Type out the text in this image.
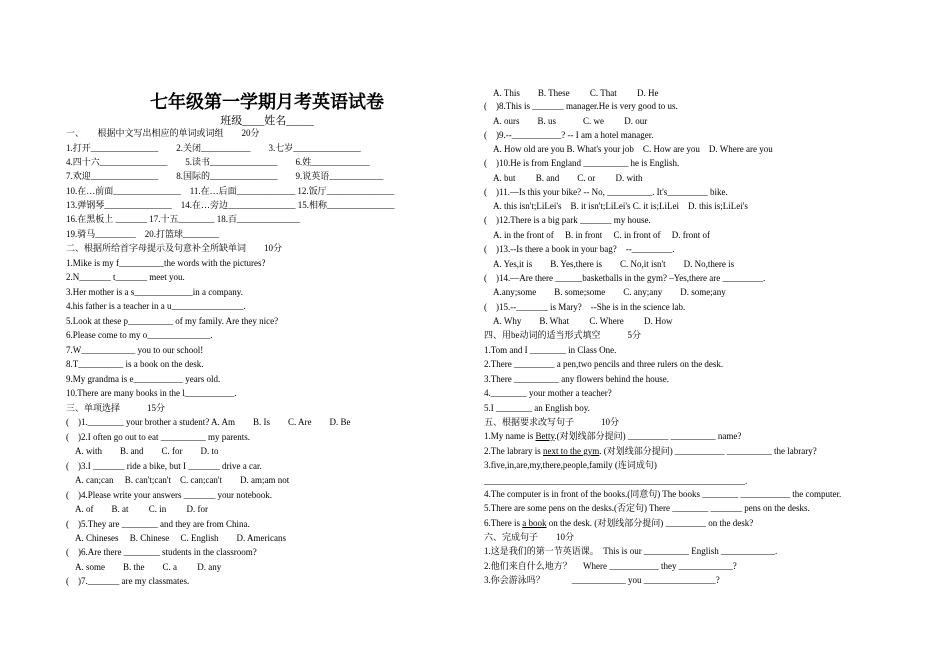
七年级第一学期月考英语试卷
班级____姓名_____
一、　　根据中文写出相应的单词或词组　　20分
1.打开_______________　　2.关闭___________　　3.七岁_______________
4.四十六_______________　　5.读书_______________　　6.姓_____________
7.欢迎_______________　　8.国际的_______________　　9.说英语____________
10.在…前面_______________　11.在…后面_____________ 12.饭厅_______________
13.弹钢琴_______________　14.在…旁边_______________ 15.相称_______________
16.在黑板上 _______ 17.十五________ 18.百______________
19.骑马_________　20.打篮球________
二、根据所给首字母提示及句意补全所缺单词　　10分
1.Mike is my f__________the words with the pictures?
2.N_______ t_______ meet you.
3.Her mother is a s_____________in a company.
4.his father is a teacher in a u________________.
5.Look at these p__________ of my family. Are they nice?
6.Please come to my o______________.
7.W____________ you to our school!
8.T__________ is a book on the desk.
9.My grandma is e___________ years old.
10.There are many books in the l___________.
三、单项选择　　　15分
(　)1.________ your brother a student? A. Am　　B. Is　　C. Are　　D. Be
(　)2.I often go out to eat __________ my parents.
　A. with　　B. and　　C. for　　D. to
(　)3.I _______ ride a bike, but I _______ drive a car.
　A. can;can　 B. can't;can't　C. can;can't　　D. am;am not
(　)4.Please write your answers _______ your notebook.
　A. of　　B. at　　 C. in　　 D. for
(　)5.They are ________ and they are from China.
　A. Chineses　 B. Chinese　 C. English　　D. Americans
(　)6.Are there ________ students in the classroom?
　A. some　　B. the　　C. a　　 D. any
(　)7._______ are my classmates.
　A. This　　B. These　　 C. That　　 D. He
(　)8.This is _______ manager.He is very good to us.
　A. ours　　B. us　　　C. we　　 D. our
(　)9.--___________? -- I am a hotel manager.
　A. How old are you B. What's your job　C. How are you　D. Where are you
(　)10.He is from England __________ he is English.
　A. but　　 B. and　　C. or　　 D. with
(　)11.—Is this your bike? -- No, __________. It's_________ bike.
　A. this isn't;LiLei's　B. it isn't;LiLei's C. it is;LiLei　D. this is;LiLei's
(　)12.There is a big park _______ my house.
　A. in the front of　 B. in front　 C. in front of　 D. front of
(　)13.--Is there a book in your bag?　--_________.
　A. Yes,it is　　B. Yes,there is　　C. No,it isn't　　D. No,there is
(　)14.—Are there ______basketballs in the gym? –Yes,there are _________.
　A.any;some　　B. some;some　　C. any;any　　D. some;any
(　)15.--_______ is Mary?　--She is in the science lab.
　A. Why　　B. What　　 C. Where　　 D. How
四、用be动词的适当形式填空　　　5分
1.Tom and I ________ in Class One.
2.There _________ a pen,two pencils and three rulers on the desk.
3.There __________ any flowers behind the house.
4.________ your mother a teacher?
5.I ________ an English boy.
五、根据要求改写句子　　　10分
1.My name is Betty.(对划线部分提问) _________ __________ name?
2.The labrary is next to the gym. (对划线部分提问) ___________ __________ the labrary?
3.five,in,are,my,there,people,family (连词成句)
__________________________________________________________.
4.The computer is in front of the books.(同意句) The books ________ ___________ the computer.
5.There are some pens on the desks.(否定句) There ________ _______ pens on the desks.
6.There is a book on the desk. (对划线部分提问) _________ on the desk?
六、完成句子　　10分
1.这是我们的第一节英语课。　This is our __________ English ____________.
2.他们来自什么地方？　 Where ___________ they ____________?
3.你会游泳吗？　　　____________ you ________________?
